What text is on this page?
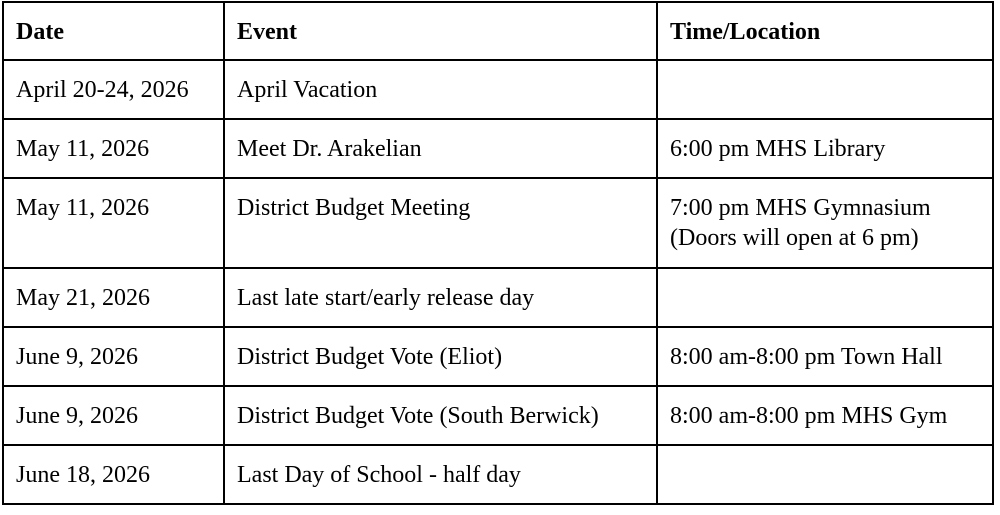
Date	Event	Time/Location
April 20-24, 2026	April Vacation	

May 11, 2026	Meet Dr. Arakelian	6:00 pm MHS Library

May 11, 2026	District Budget Meeting	7:00 pm MHS Gymnasium
(Doors will open at 6 pm)

May 21, 2026	Last late start/early release day	

June 9, 2026	District Budget Vote (Eliot)	8:00 am-8:00 pm Town Hall

June 9, 2026	District Budget Vote (South Berwick)	8:00 am-8:00 pm MHS Gym

June 18, 2026	Last Day of School - half day	
